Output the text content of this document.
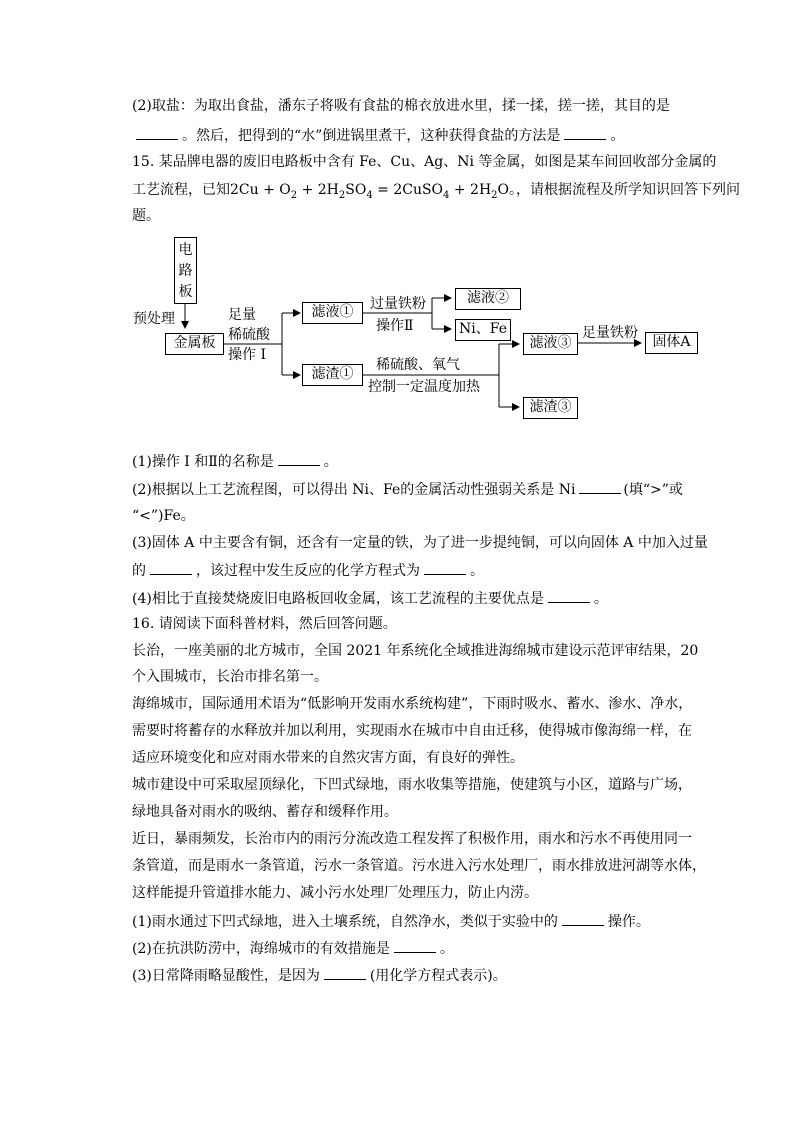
(2)取盐：为取出食盐，潘东子将吸有食盐的棉衣放进水里，揉一揉，搓一搓，其目的是
。然后，把得到的“水”倒进锅里煮干，这种获得食盐的方法是	。
15. 某品牌电器的废旧电路板中含有 Fe、Cu、Ag、Ni 等金属，如图是某车间回收部分金属的
工艺流程，已知$2Cu + O_2 + 2H_2SO_4$ = 2CuSO$_4$ + $2H_2O$。，请根据流程及所学知识回答下列问
题。
电路板
预处理
金属板
足量
稀硫酸
操作 I
滤液①	过量铁粉
操作Ⅱ
滤液②
Ni、Fe
滤渣①
稀硫酸、氧气
控制一定温度加热
滤液③
足量铁粉
固体A
滤渣③
(1)操作 I 和Ⅱ的名称是	。
(2)根据以上工艺流程图，可以得出 Ni、Fe的金属活动性强弱关系是 Ni	(填“>”或
“<”)Fe。
(3)固体 A 中主要含有铜，还含有一定量的铁，为了进一步提纯铜，可以向固体 A 中加入过量
的	，该过程中发生反应的化学方程式为	。
(4)相比于直接焚烧废旧电路板回收金属，该工艺流程的主要优点是	。
16. 请阅读下面科普材料，然后回答问题。
长治，一座美丽的北方城市，全国 2021 年系统化全域推进海绵城市建设示范评审结果，20
个入围城市，长治市排名第一。
海绵城市，国际通用术语为“低影响开发雨水系统构建”，下雨时吸水、蓄水、渗水、净水，
需要时将蓄存的水释放并加以利用，实现雨水在城市中自由迁移，使得城市像海绵一样，在
适应环境变化和应对雨水带来的自然灾害方面，有良好的弹性。
城市建设中可采取屋顶绿化，下凹式绿地，雨水收集等措施，使建筑与小区，道路与广场，
绿地具备对雨水的吸纳、蓄存和缓释作用。
近日，暴雨频发，长治市内的雨污分流改造工程发挥了积极作用，雨水和污水不再使用同一
条管道，而是雨水一条管道，污水一条管道。污水进入污水处理厂，雨水排放进河湖等水体，
这样能提升管道排水能力、减小污水处理厂处理压力，防止内涝。
(1)雨水通过下凹式绿地，进入土壤系统，自然净水，类似于实验中的	操作。
(2)在抗洪防涝中，海绵城市的有效措施是	。
(3)日常降雨略显酸性，是因为	(用化学方程式表示)。
